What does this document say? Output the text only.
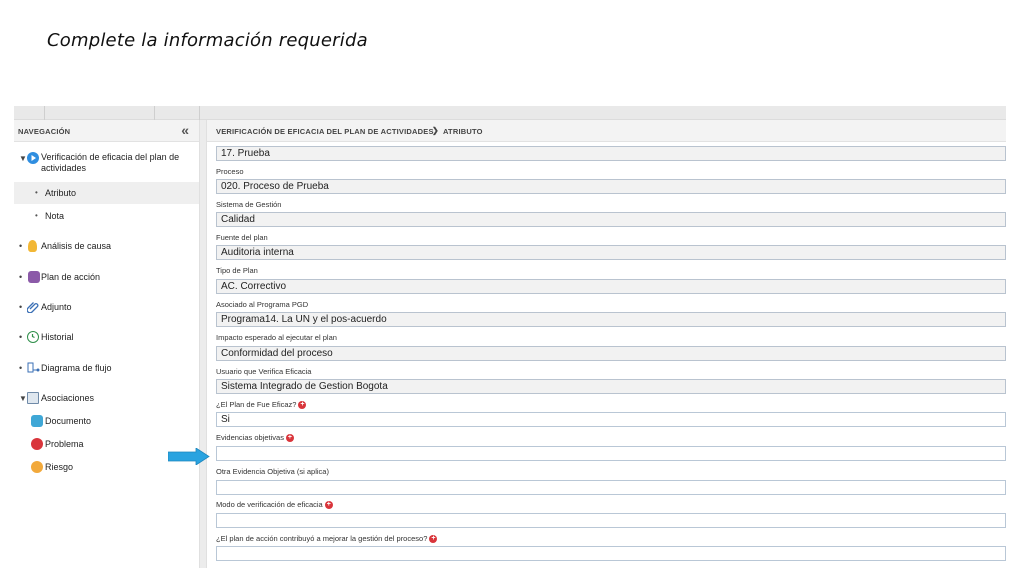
Complete la información requerida
NAVEGACIÓN	«
▼ Verificación de eficacia del plan de actividades
• Atributo
• Nota
• Análisis de causa
• Plan de acción
• Adjunto
• Historial
• Diagrama de flujo
▼ Asociaciones
Documento
Problema
Riesgo
VERIFICACIÓN DE EFICACIA DEL PLAN DE ACTIVIDADES
❯ ATRIBUTO
17. Prueba
Proceso
020. Proceso de Prueba
Sistema de Gestión
Calidad
Fuente del plan
Auditoria interna
Tipo de Plan
AC. Correctivo
Asociado al Programa PGD
Programa14. La UN y el pos-acuerdo
Impacto esperado al ejecutar el plan
Conformidad del proceso
Usuario que Verifica Eficacia
Sistema Integrado de Gestion Bogota
¿El Plan de Fue Eficaz? +
Si
Evidencias objetivas +
Otra Evidencia Objetiva (si aplica)
Modo de verificación de eficacia +
¿El plan de acción contribuyó a mejorar la gestión del proceso? +
